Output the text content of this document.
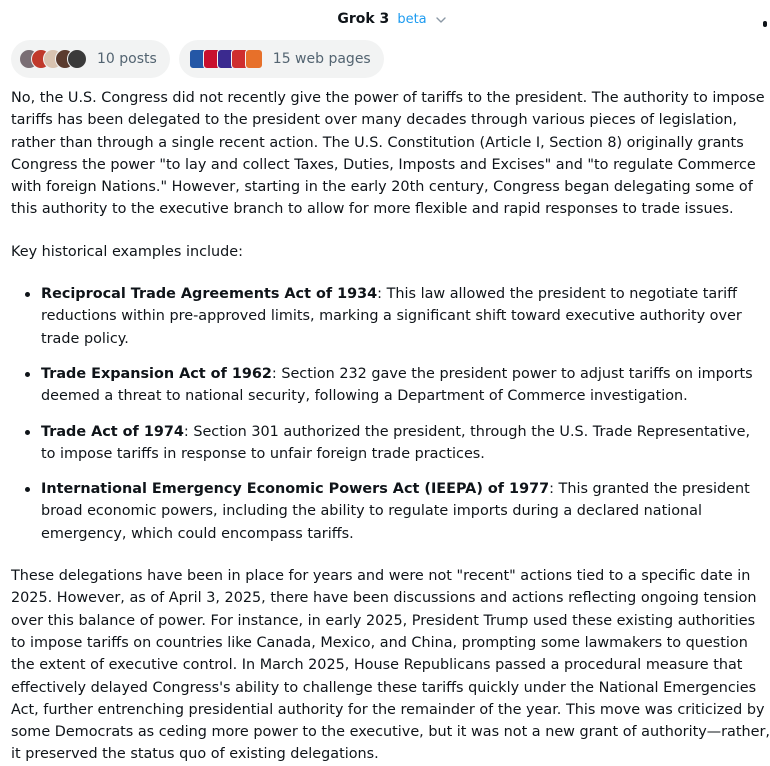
Grok 3 beta
10 posts	15 web pages

No, the U.S. Congress did not recently give the power of tariffs to the president. The authority to impose tariffs has been delegated to the president over many decades through various pieces of legislation, rather than through a single recent action. The U.S. Constitution (Article I, Section 8) originally grants Congress the power "to lay and collect Taxes, Duties, Imposts and Excises" and "to regulate Commerce with foreign Nations." However, starting in the early 20th century, Congress began delegating some of this authority to the executive branch to allow for more flexible and rapid responses to trade issues.

Key historical examples include:

Reciprocal Trade Agreements Act of 1934: This law allowed the president to negotiate tariff reductions within pre-approved limits, marking a significant shift toward executive authority over trade policy.
Trade Expansion Act of 1962: Section 232 gave the president power to adjust tariffs on imports deemed a threat to national security, following a Department of Commerce investigation.
Trade Act of 1974: Section 301 authorized the president, through the U.S. Trade Representative, to impose tariffs in response to unfair foreign trade practices.
International Emergency Economic Powers Act (IEEPA) of 1977: This granted the president broad economic powers, including the ability to regulate imports during a declared national emergency, which could encompass tariffs.

These delegations have been in place for years and were not "recent" actions tied to a specific date in 2025. However, as of April 3, 2025, there have been discussions and actions reflecting ongoing tension over this balance of power. For instance, in early 2025, President Trump used these existing authorities to impose tariffs on countries like Canada, Mexico, and China, prompting some lawmakers to question the extent of executive control. In March 2025, House Republicans passed a procedural measure that effectively delayed Congress's ability to challenge these tariffs quickly under the National Emergencies Act, further entrenching presidential authority for the remainder of the year. This move was criticized by some Democrats as ceding more power to the executive, but it was not a new grant of authority—rather, it preserved the status quo of existing delegations.
